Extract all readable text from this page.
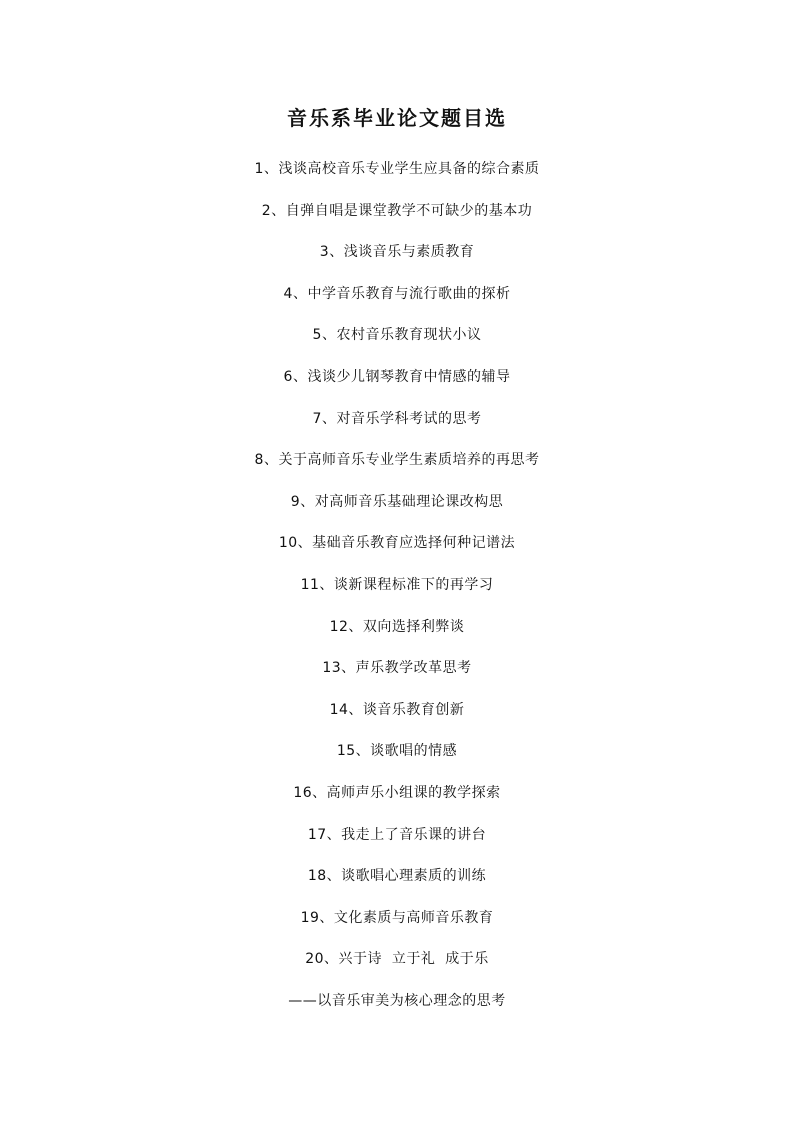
音乐系毕业论文题目选
1、浅谈高校音乐专业学生应具备的综合素质
2、自弹自唱是课堂教学不可缺少的基本功
3、浅谈音乐与素质教育
4、中学音乐教育与流行歌曲的探析
5、农村音乐教育现状小议
6、浅谈少儿钢琴教育中情感的辅导
7、对音乐学科考试的思考
8、关于高师音乐专业学生素质培养的再思考
9、对高师音乐基础理论课改构思
10、基础音乐教育应选择何种记谱法
11、谈新课程标准下的再学习
12、双向选择利弊谈
13、声乐教学改革思考
14、谈音乐教育创新
15、谈歌唱的情感
16、高师声乐小组课的教学探索
17、我走上了音乐课的讲台
18、谈歌唱心理素质的训练
19、文化素质与高师音乐教育
20、兴于诗  立于礼  成于乐
——以音乐审美为核心理念的思考
